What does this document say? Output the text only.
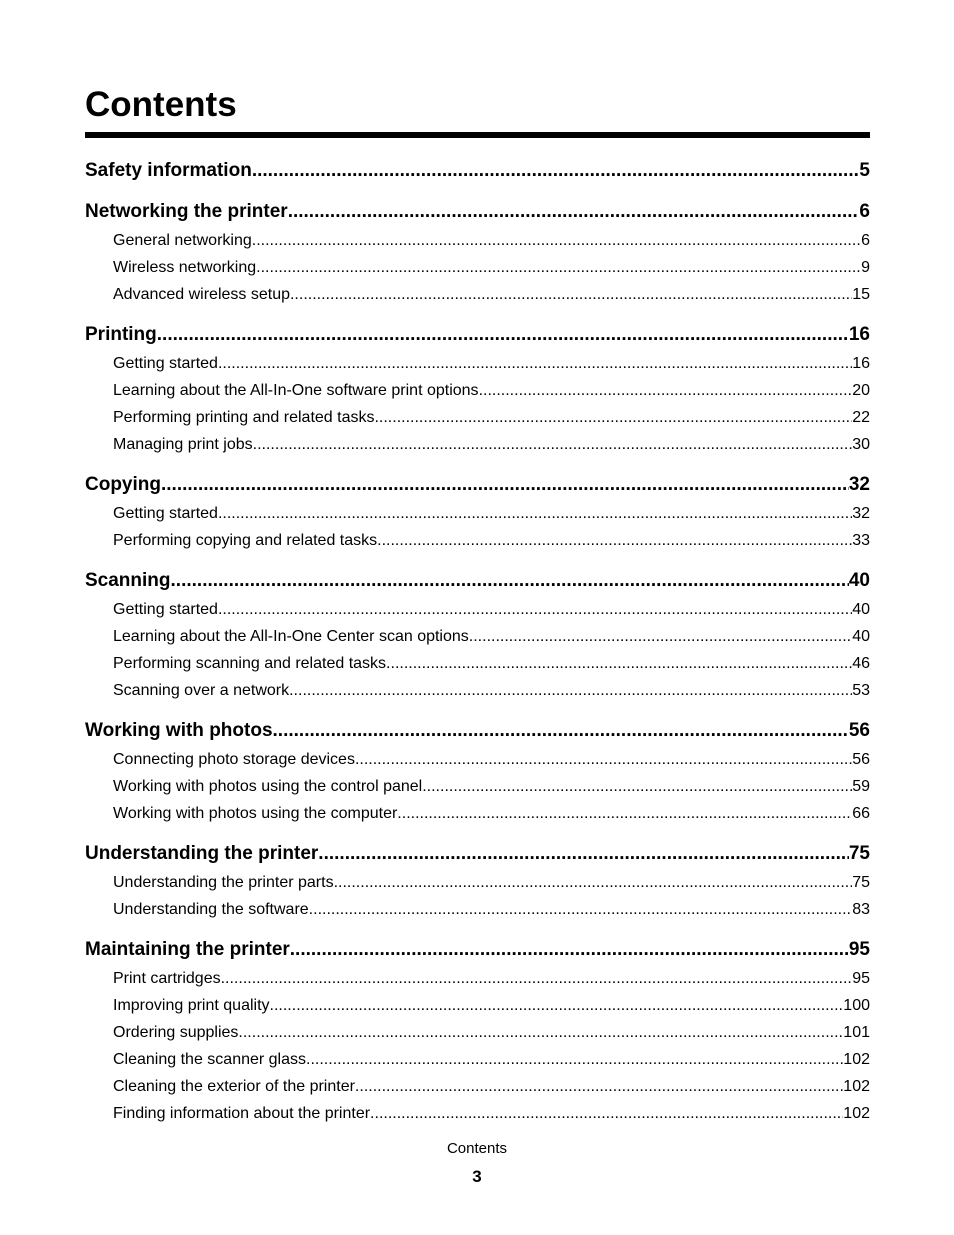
Contents
Safety information .....	5
Networking the printer .....	6
General networking .....	6
Wireless networking .....	9
Advanced wireless setup .....	15
Printing .....	16
Getting started .....	16
Learning about the All-In-One software print options .....	20
Performing printing and related tasks .....	22
Managing print jobs .....	30
Copying .....	32
Getting started .....	32
Performing copying and related tasks .....	33
Scanning .....	40
Getting started .....	40
Learning about the All-In-One Center scan options .....	40
Performing scanning and related tasks .....	46
Scanning over a network .....	53
Working with photos .....	56
Connecting photo storage devices .....	56
Working with photos using the control panel .....	59
Working with photos using the computer .....	66
Understanding the printer .....	75
Understanding the printer parts .....	75
Understanding the software .....	83
Maintaining the printer .....	95
Print cartridges .....	95
Improving print quality .....	100
Ordering supplies .....	101
Cleaning the scanner glass .....	102
Cleaning the exterior of the printer .....	102
Finding information about the printer .....	102
Contents
3
